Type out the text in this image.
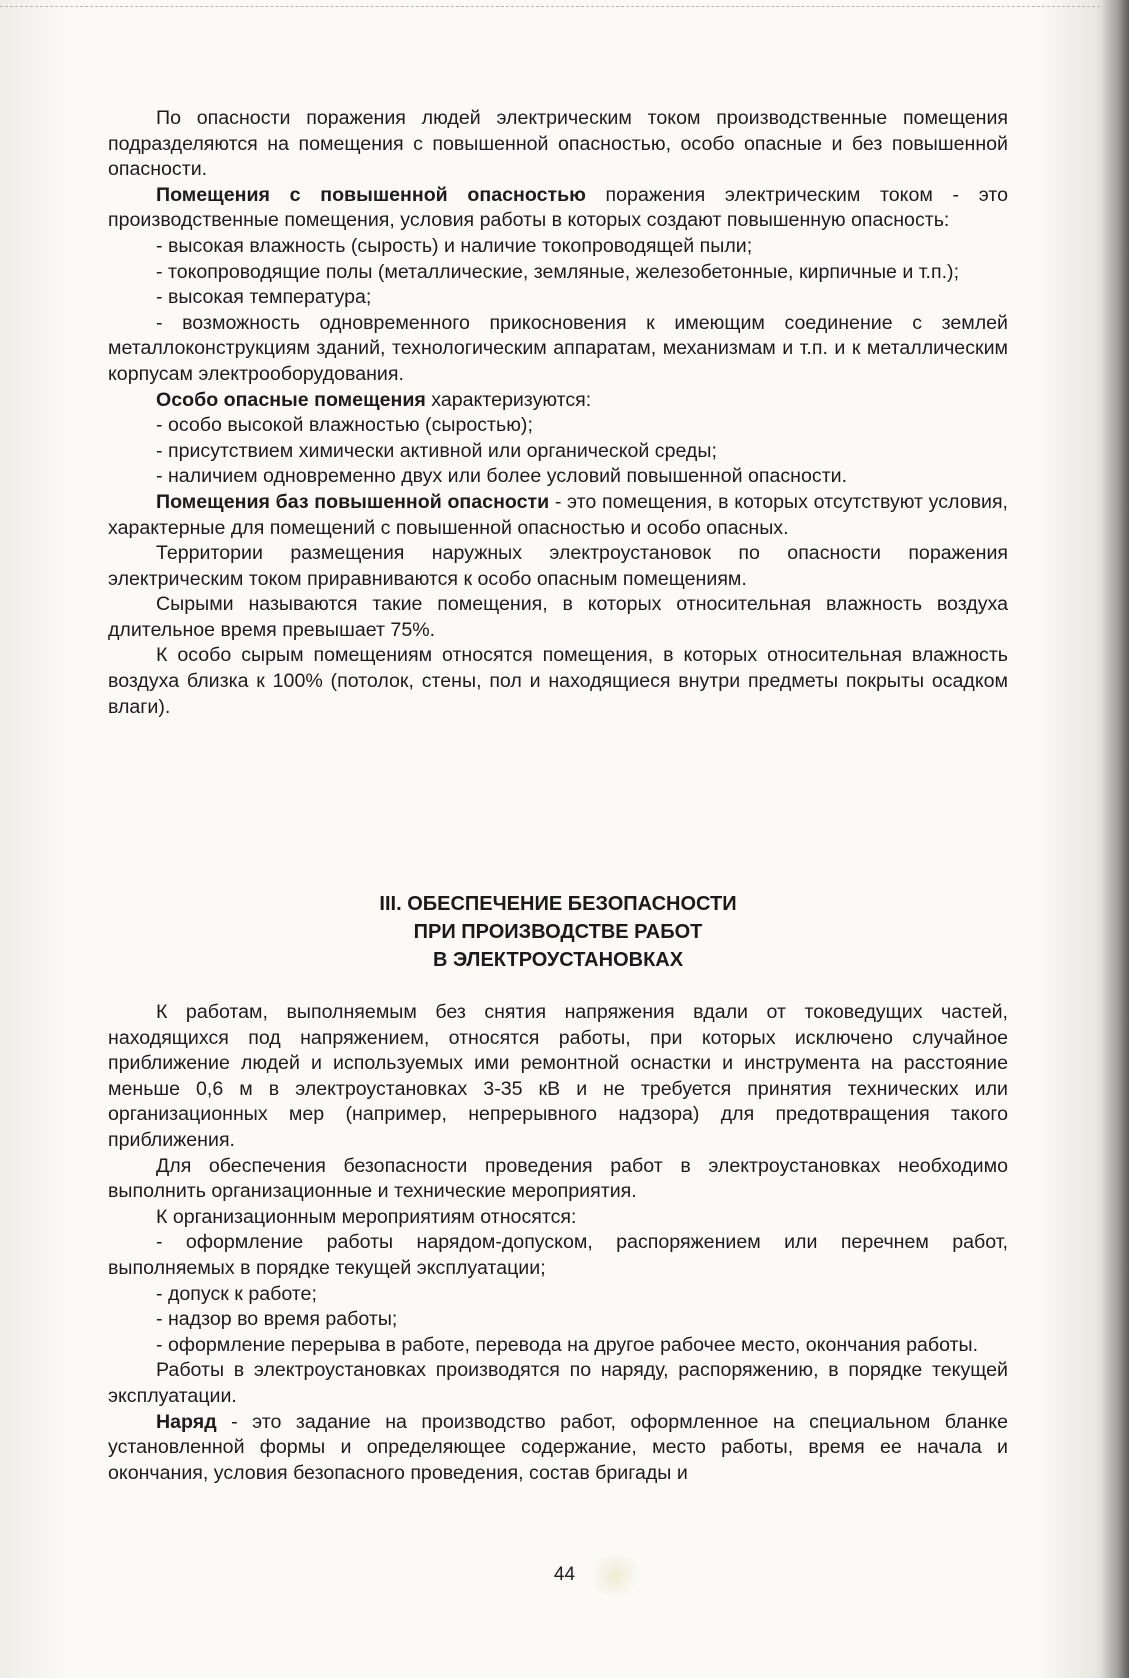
По опасности поражения людей электрическим током производственные помещения подразделяются на помещения с повышенной опасностью, особо опасные и без повышенной опасности.

Помещения с повышенной опасностью поражения электрическим током - это производственные помещения, условия работы в которых создают повышенную опасность:

- высокая влажность (сырость) и наличие токопроводящей пыли;

- токопроводящие полы (металлические, земляные, железобетонные, кирпичные и т.п.);

- высокая температура;

- возможность одновременного прикосновения к имеющим соединение с землей металлоконструкциям зданий, технологическим аппаратам, механизмам и т.п. и к металлическим корпусам электрооборудования.

Особо опасные помещения характеризуются:

- особо высокой влажностью (сыростью);

- присутствием химически активной или органической среды;

- наличием одновременно двух или более условий повышенной опасности.

Помещения баз повышенной опасности - это помещения, в которых отсутствуют условия, характерные для помещений с повышенной опасностью и особо опасных.

Территории размещения наружных электроустановок по опасности поражения электрическим током приравниваются к особо опасным помещениям.

Сырыми называются такие помещения, в которых относительная влажность воздуха длительное время превышает 75%.

К особо сырым помещениям относятся помещения, в которых относительная влажность воздуха близка к 100% (потолок, стены, пол и находящиеся внутри предметы покрыты осадком влаги).

III. ОБЕСПЕЧЕНИЕ БЕЗОПАСНОСТИ
ПРИ ПРОИЗВОДСТВЕ РАБОТ
В ЭЛЕКТРОУСТАНОВКАХ

К работам, выполняемым без снятия напряжения вдали от токоведущих частей, находящихся под напряжением, относятся работы, при которых исключено случайное приближение людей и используемых ими ремонтной оснастки и инструмента на расстояние меньше 0,6 м в электроустановках 3-35 кВ и не требуется принятия технических или организационных мер (например, непрерывного надзора) для предотвращения такого приближения.

Для обеспечения безопасности проведения работ в электроустановках необходимо выполнить организационные и технические мероприятия.

К организационным мероприятиям относятся:

- оформление работы нарядом-допуском, распоряжением или перечнем работ, выполняемых в порядке текущей эксплуатации;

- допуск к работе;

- надзор во время работы;

- оформление перерыва в работе, перевода на другое рабочее место, окончания работы.

Работы в электроустановках производятся по наряду, распоряжению, в порядке текущей эксплуатации.

Наряд - это задание на производство работ, оформленное на специальном бланке установленной формы и определяющее содержание, место работы, время ее начала и окончания, условия безопасного проведения, состав бригады и

44
